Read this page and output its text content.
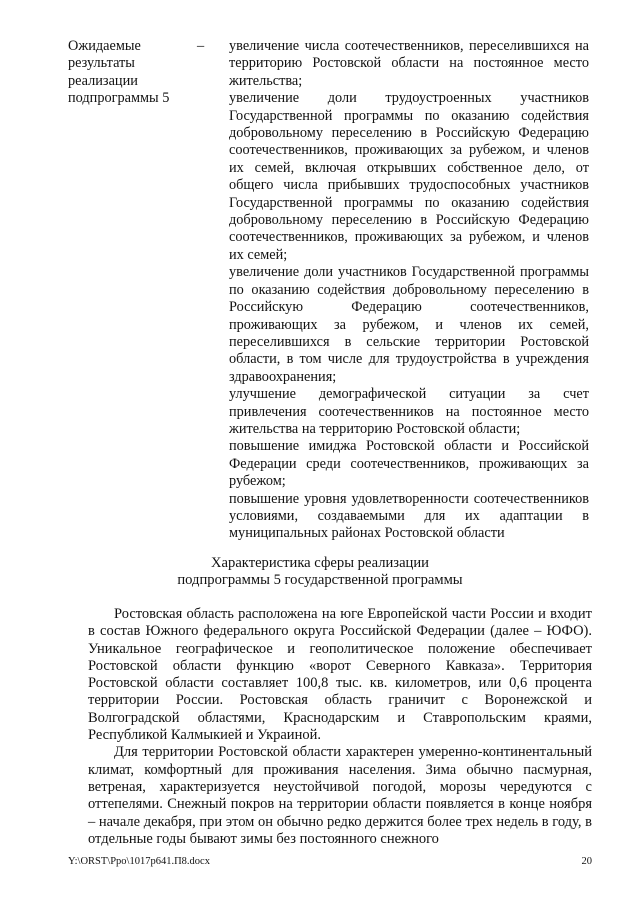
Ожидаемые результаты реализации подпрограммы 5
– увеличение числа соотечественников, переселившихся на территорию Ростовской области на постоянное место жительства;

увеличение доли трудоустроенных участников Государственной программы по оказанию содействия добровольному переселению в Российскую Федерацию соотечественников, проживающих за рубежом, и членов их семей, включая открывших собственное дело, от общего числа прибывших трудоспособных участников Государственной программы по оказанию содействия добровольному переселению в Российскую Федерацию соотечественников, проживающих за рубежом, и членов их семей;

увеличение доли участников Государственной программы по оказанию содействия добровольному переселению в Российскую Федерацию соотечественников, проживающих за рубежом, и членов их семей, переселившихся в сельские территории Ростовской области, в том числе для трудоустройства в учреждения здравоохранения;

улучшение демографической ситуации за счет привлечения соотечественников на постоянное место жительства на территорию Ростовской области;

повышение имиджа Ростовской области и Российской Федерации среди соотечественников, проживающих за рубежом;

повышение уровня удовлетворенности соотечественников условиями, создаваемыми для их адаптации в муниципальных районах Ростовской области

Характеристика сферы реализации
подпрограммы 5 государственной программы

Ростовская область расположена на юге Европейской части России и входит в состав Южного федерального округа Российской Федерации (далее – ЮФО). Уникальное географическое и геополитическое положение обеспечивает Ростовской области функцию «ворот Северного Кавказа». Территория Ростовской области составляет 100,8 тыс. кв. километров, или 0,6 процента территории России. Ростовская область граничит с Воронежской и Волгоградской областями, Краснодарским и Ставропольским краями, Республикой Калмыкией и Украиной.

Для территории Ростовской области характерен умеренно-континентальный климат, комфортный для проживания населения. Зима обычно пасмурная, ветреная, характеризуется неустойчивой погодой, морозы чередуются с оттепелями. Снежный покров на территории области появляется в конце ноября – начале декабря, при этом он обычно редко держится более трех недель в году, в отдельные годы бывают зимы без постоянного снежного

Y:\ORST\Ppo\1017p641.П8.docx	20
